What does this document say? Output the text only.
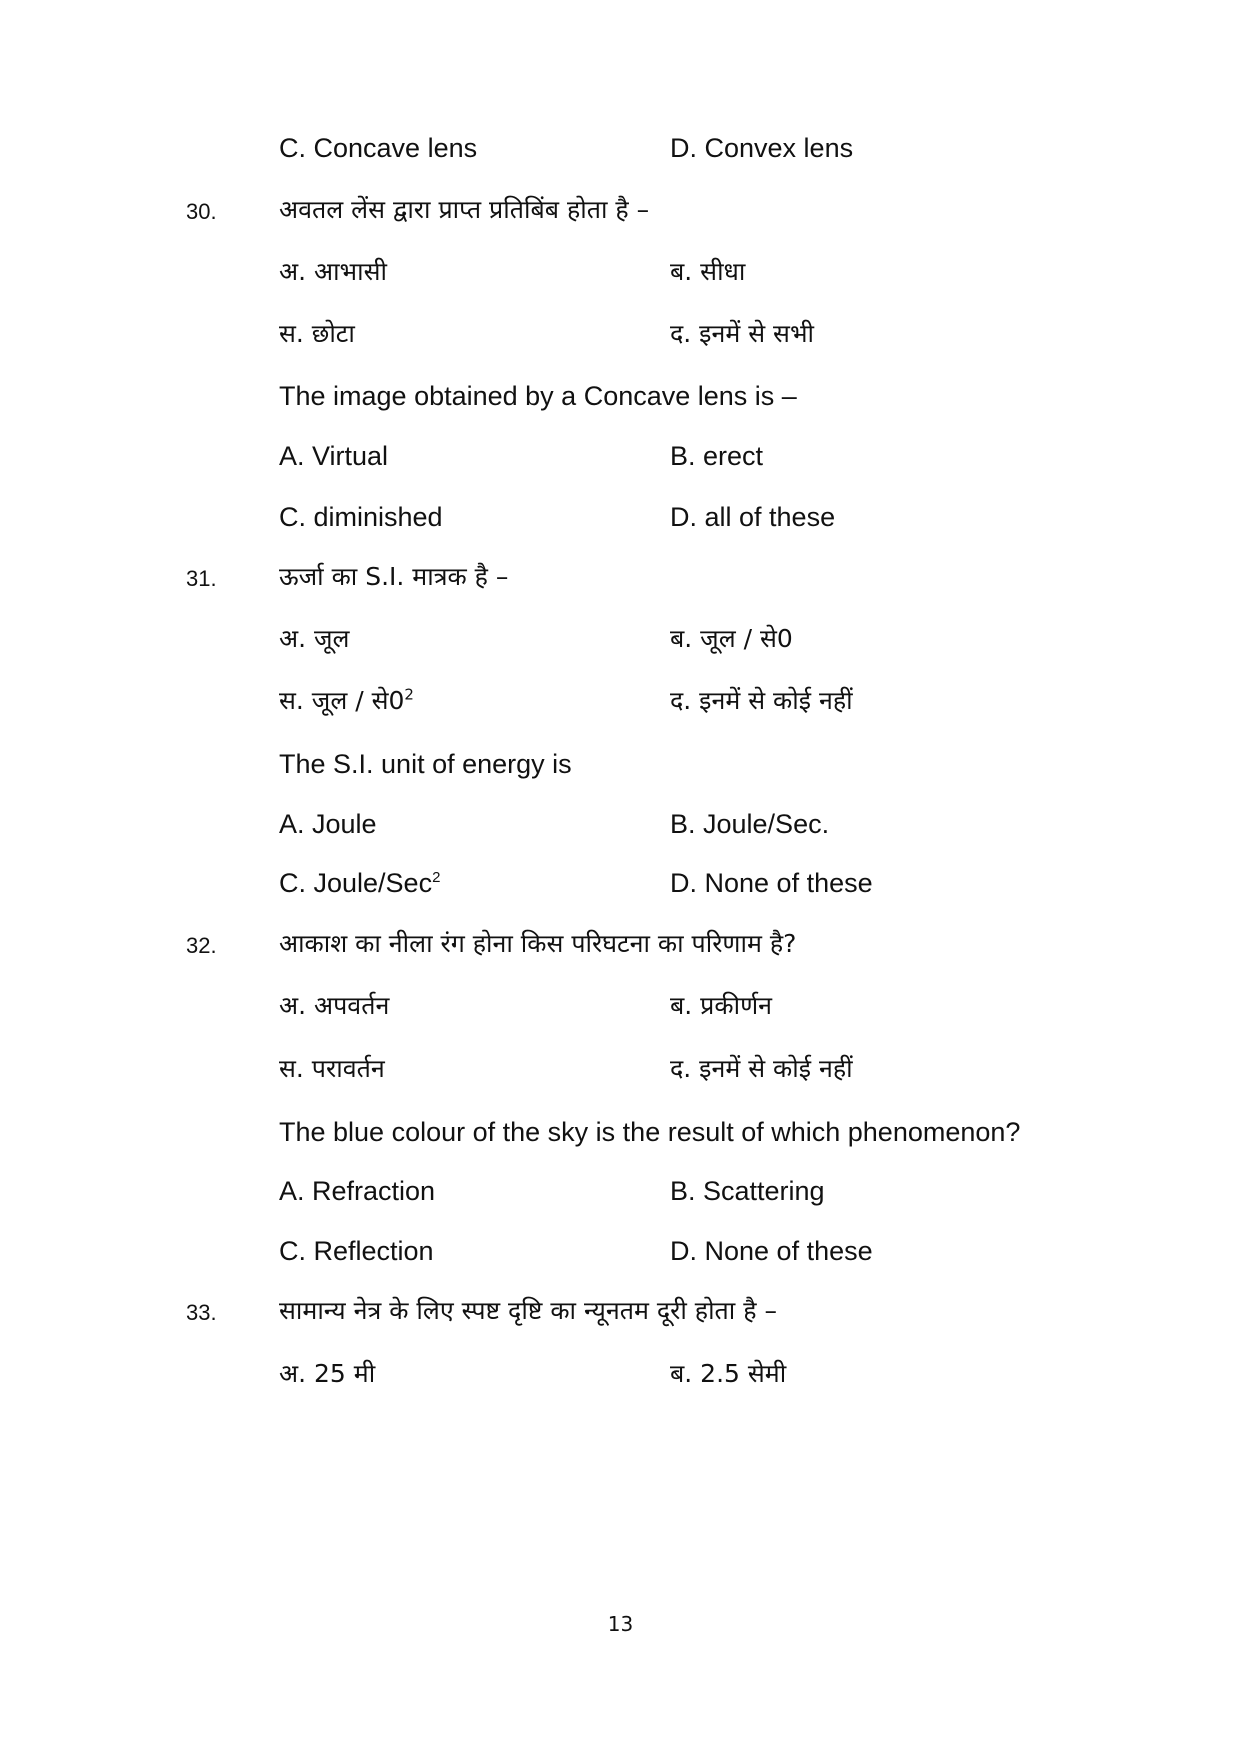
C. Concave lens	D. Convex lens
30. अवतल लेंस द्वारा प्राप्त प्रतिबिंब होता है –
अ. आभासी	ब. सीधा
स. छोटा	द. इनमें से सभी
The image obtained by a Concave lens is –
A. Virtual	B. erect
C. diminished	D. all of these
31. ऊर्जा का S.I. मात्रक है –
अ. जूल	ब. जूल / से0
स. जूल / $से0^2$	द. इनमें से कोई नहीं
The S.I. unit of energy is
A. Joule	B. Joule/Sec.
C. Joule/Sec$^2$	D. None of these
32. आकाश का नीला रंग होना किस परिघटना का परिणाम है?
अ. अपवर्तन	ब. प्रकीर्णन
स. परावर्तन	द. इनमें से कोई नहीं
The blue colour of the sky is the result of which phenomenon?
A. Refraction	B. Scattering
C. Reflection	D. None of these
33. सामान्य नेत्र के लिए स्पष्ट दृष्टि का न्यूनतम दूरी होता है –
अ. 25 मी	ब. 2.5 सेमी
13
